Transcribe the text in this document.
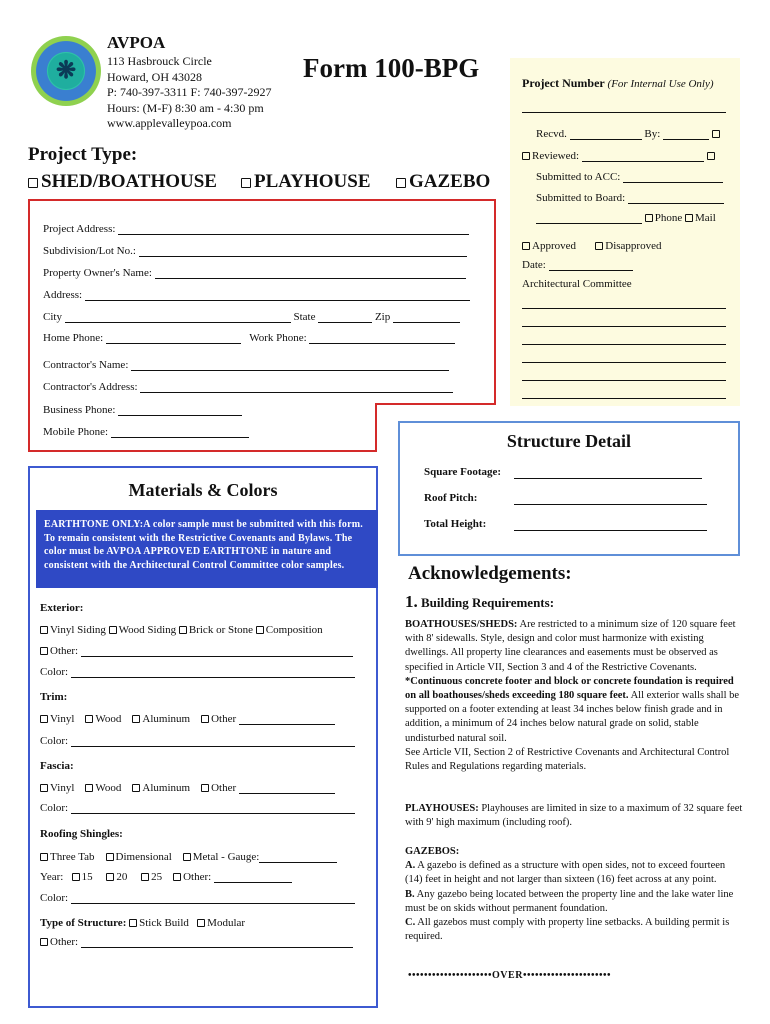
❋
AVPOA
113 Hasbrouck Circle
Howard, OH 43028
P: 740-397-3311 F: 740-397-2927
Hours: (M-F) 8:30 am - 4:30 pm
www.applevalleypoa.com
Form 100-BPG
Project Type:
SHED/BOATHOUSE	PLAYHOUSE	GAZEBO
Project Number (For Internal Use Only)
Recvd.	By:
Reviewed:
Submitted to ACC:
Submitted to Board:
Phone Mail
Approved	Disapproved
Date:
Architectural Committee
Project Address:
Subdivision/Lot No.:
Property Owner's Name:
Address:
City	State	Zip
Home Phone:	Work Phone:
Contractor's Name:
Contractor's Address:
Business Phone:
Mobile Phone:	Structure Detail
Square Footage:
Roof Pitch:
Total Height:
Materials & Colors
EARTHTONE ONLY:A color sample must be submitted with this form. To remain consistent with the Restrictive Covenants and Bylaws. The color must be AVPOA APPROVED EARTHTONE in nature and consistent with the Architectural Control Committee color samples.
Exterior:
Vinyl Siding Wood Siding Brick or Stone Composition
Other:
Color:
Trim:
Vinyl Wood Aluminum Other
Color:
Fascia:
Vinyl Wood Aluminum Other
Color:
Roofing Shingles:
Three Tab Dimensional Metal - Gauge:
Year: 15 20 25 Other:
Color:
Type of Structure: Stick Build Modular
Other:
Acknowledgements:
1. Building Requirements:
BOATHOUSES/SHEDS: Are restricted to a minimum size of 120 square feet with 8' sidewalls. Style, design and color must harmonize with existing dwellings. All property line clearances and easements must be observed as specified in Article VII, Section 3 and 4 of the Restrictive Covenants.
*Continuous concrete footer and block or concrete foundation is required on all boathouses/sheds exceeding 180 square feet. All exterior walls shall be supported on a footer extending at least 34 inches below finish grade and in addition, a minimum of 24 inches below natural grade on solid, stable undisturbed natural soil.
See Article VII, Section 2 of Restrictive Covenants and Architectural Control Rules and Regulations regarding materials.
PLAYHOUSES: Playhouses are limited in size to a maximum of 32 square feet with 9' high maximum (including roof).
GAZEBOS:
A. A gazebo is defined as a structure with open sides, not to exceed fourteen (14) feet in height and not larger than sixteen (16) feet across at any point.
B. Any gazebo being located between the property line and the lake water line must be on skids without permanent foundation.
C. All gazebos must comply with property line setbacks. A building permit is required.
•••••••••••••••••••••OVER••••••••••••••••••••••
